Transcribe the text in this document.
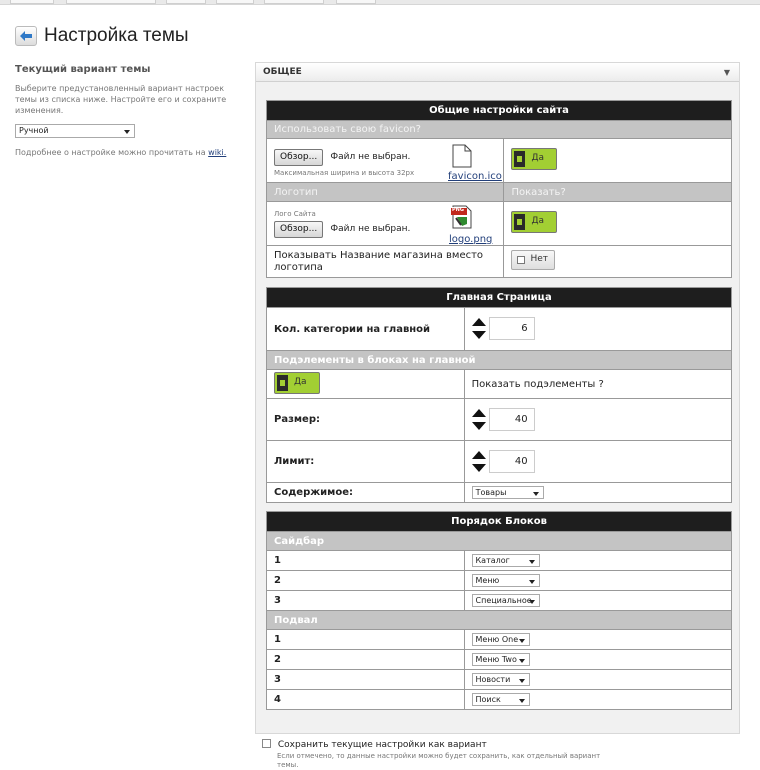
Настройка темы
Текущий вариант темы
Выберите предустановленный вариант настроек темы из списка ниже. Настройте его и сохраните изменения.
Ручной
Подробнее о настройке можно прочитать на wiki.
ОБЩЕЕ	▼
Общие настройки сайта	
Использовать свою favicon?	

Обзор... Файл не выбран.
Максимальная ширина и высота 32px favicon.ico	Да

Логотип	Показать?

Лого Сайта
Обзор... Файл не выбран.
PNG
logo.png	Да

Показывать Название магазина вместо логотипа	Нет
Главная Страница	
Кол. категории на главной	6

Подэлементы в блоках на главной	

Да	Показать подэлементы ?
Размер:	40

Лимит:	40

Содержимое:	Товары
Порядок Блоков	
Сайдбар	
1	Каталог

2	Меню

3	Специальное

Подвал	
1	Меню One

2	Меню Two

3	Новости

4	Поиск
Сохранить текущие настройки как вариант
Если отмечено, то данные настройки можно будет сохранить, как отдельный вариант темы.
